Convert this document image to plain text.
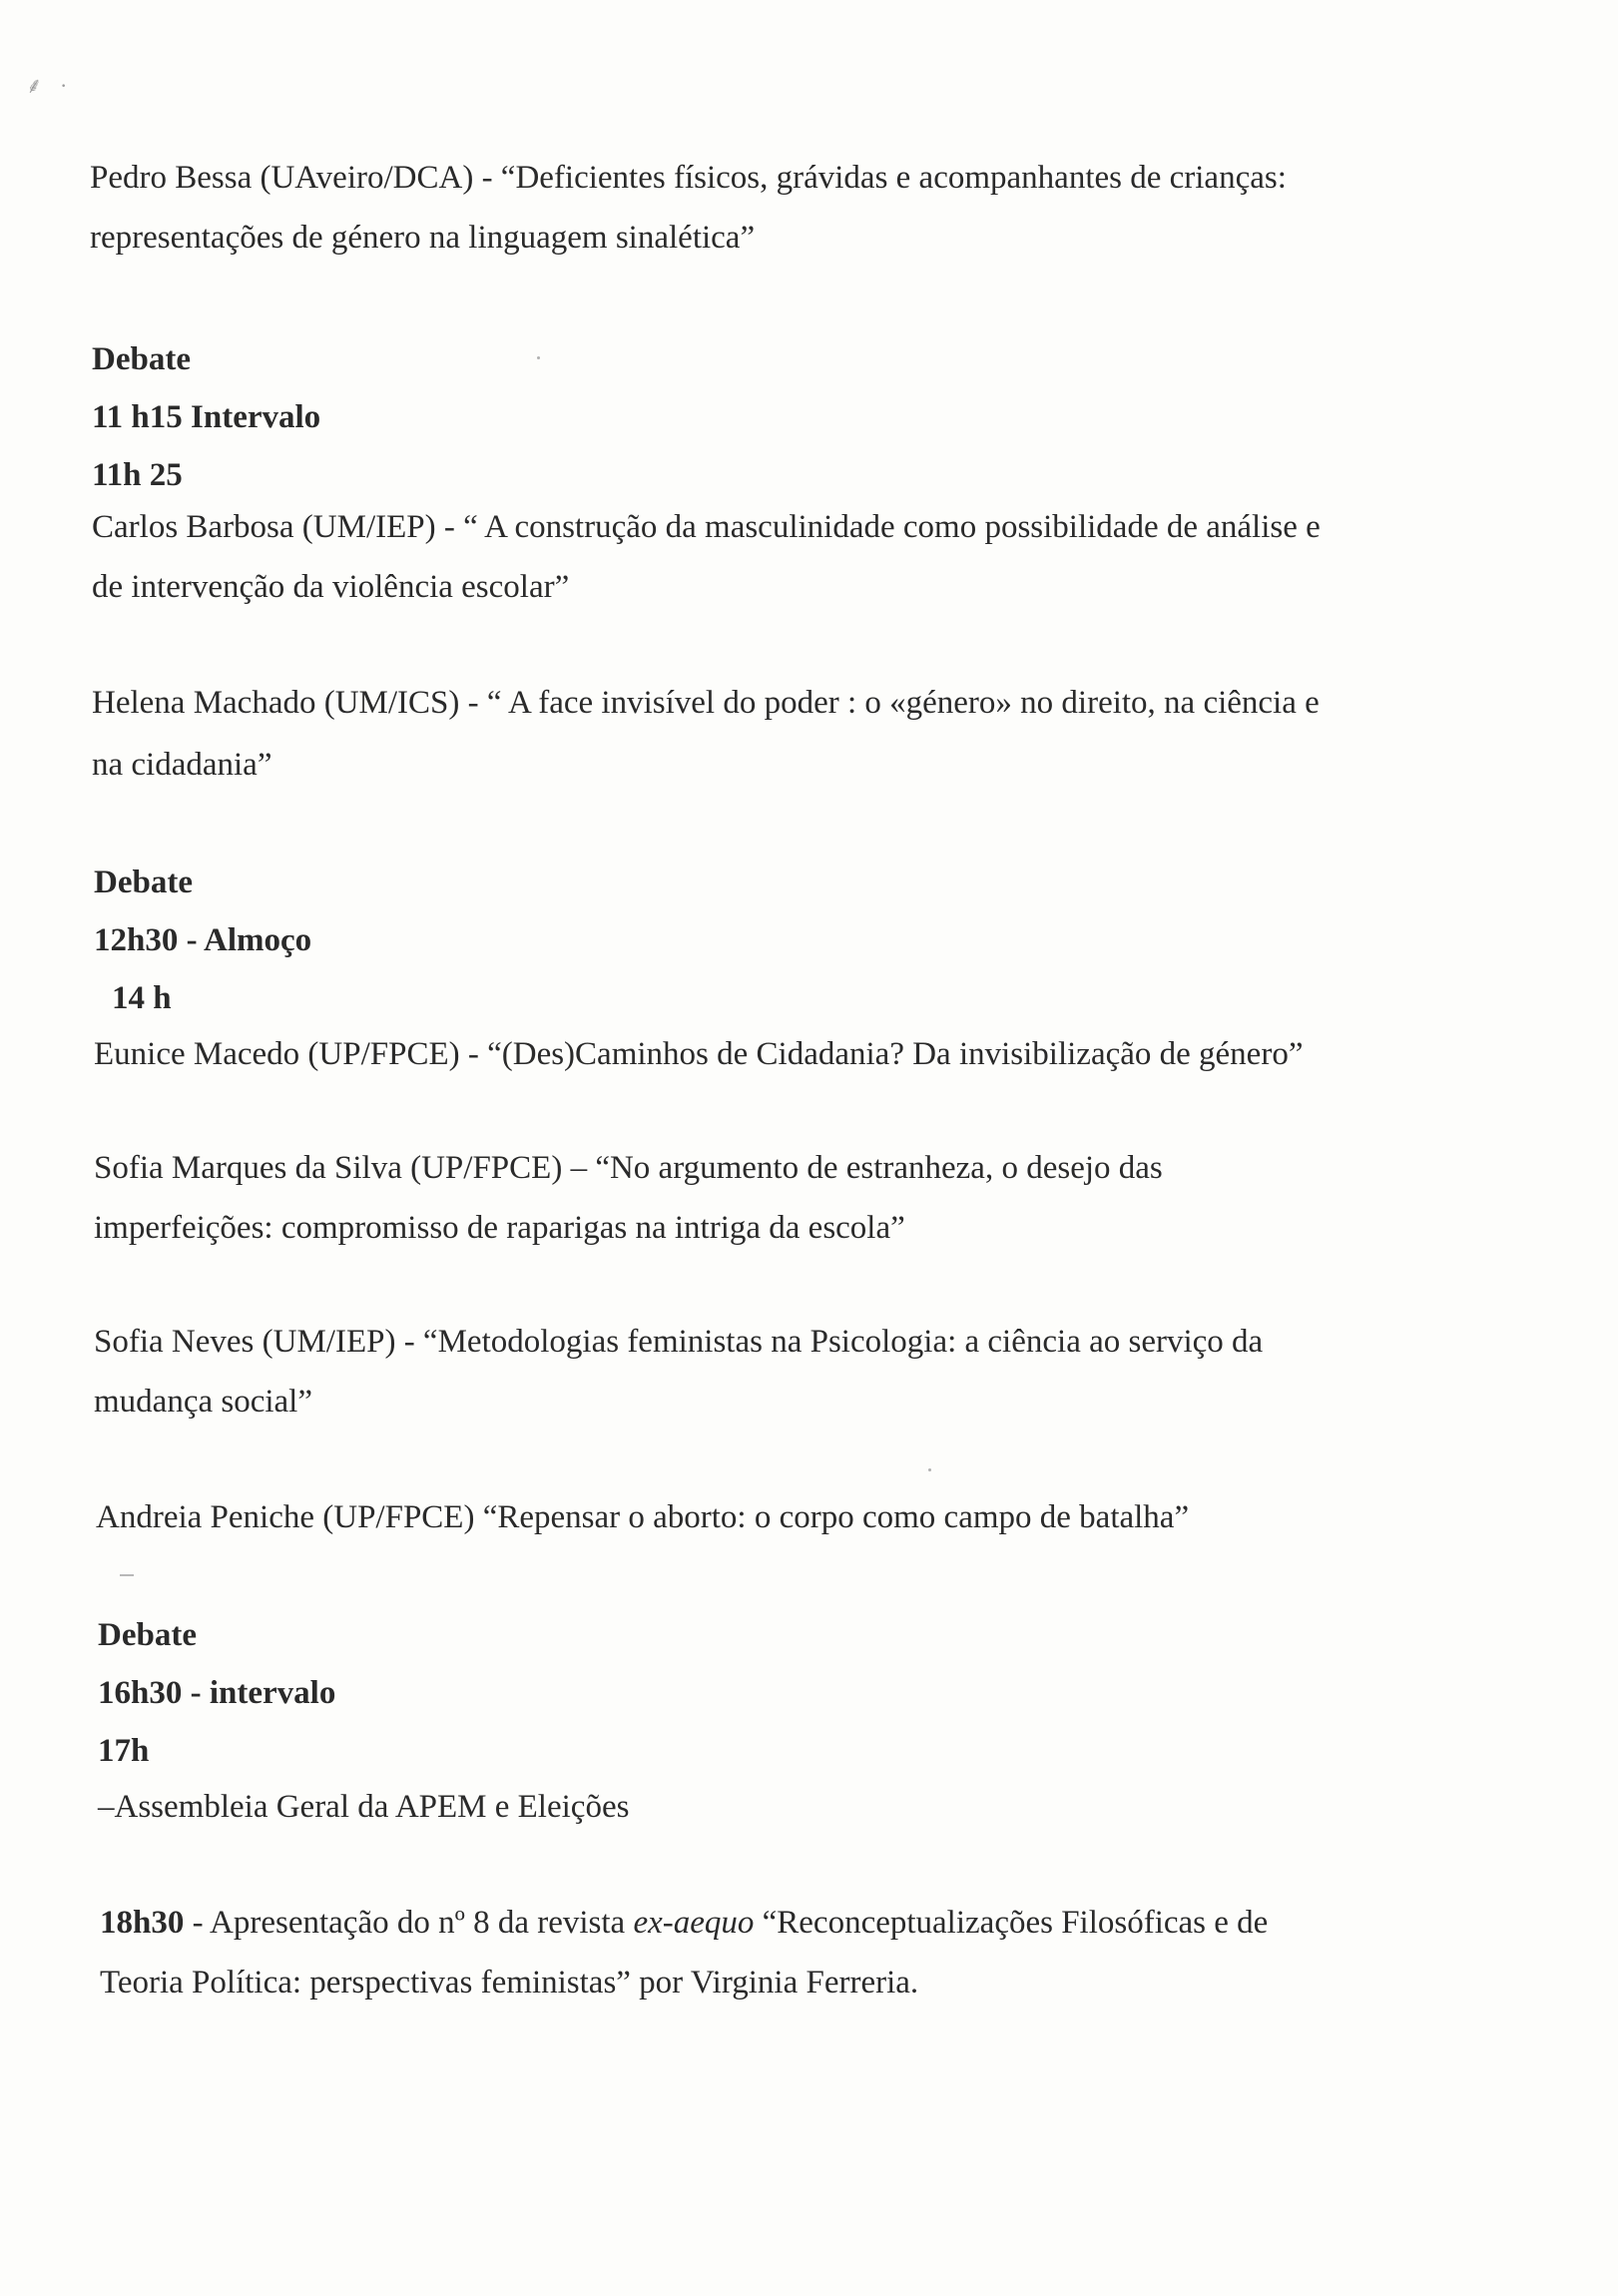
⸙ ·
Pedro Bessa (UAveiro/DCA) - “Deficientes físicos, grávidas e acompanhantes de crianças:
representações de género na linguagem sinalética”
Debate
11 h15 Intervalo
11h 25
Carlos Barbosa (UM/IEP) - “ A construção da masculinidade como possibilidade de análise e
de intervenção da violência escolar”
Helena Machado (UM/ICS) - “ A face invisível do poder : o «género» no direito, na ciência e
na cidadania”
Debate
12h30 - Almoço
14 h
Eunice Macedo (UP/FPCE) - “(Des)Caminhos de Cidadania? Da invisibilização de género”
Sofia Marques da Silva (UP/FPCE) – “No argumento de estranheza, o desejo das
imperfeições: compromisso de raparigas na intriga da escola”
Sofia Neves (UM/IEP) - “Metodologias feministas na Psicologia: a ciência ao serviço da
mudança social”
Andreia Peniche (UP/FPCE) “Repensar o aborto: o corpo como campo de batalha”
Debate
16h30 - intervalo
17h
–Assembleia Geral da APEM e Eleições
18h30 - Apresentação do nº 8 da revista ex-aequo “Reconceptualizações Filosóficas e de
Teoria Política: perspectivas feministas” por Virginia Ferreria.
